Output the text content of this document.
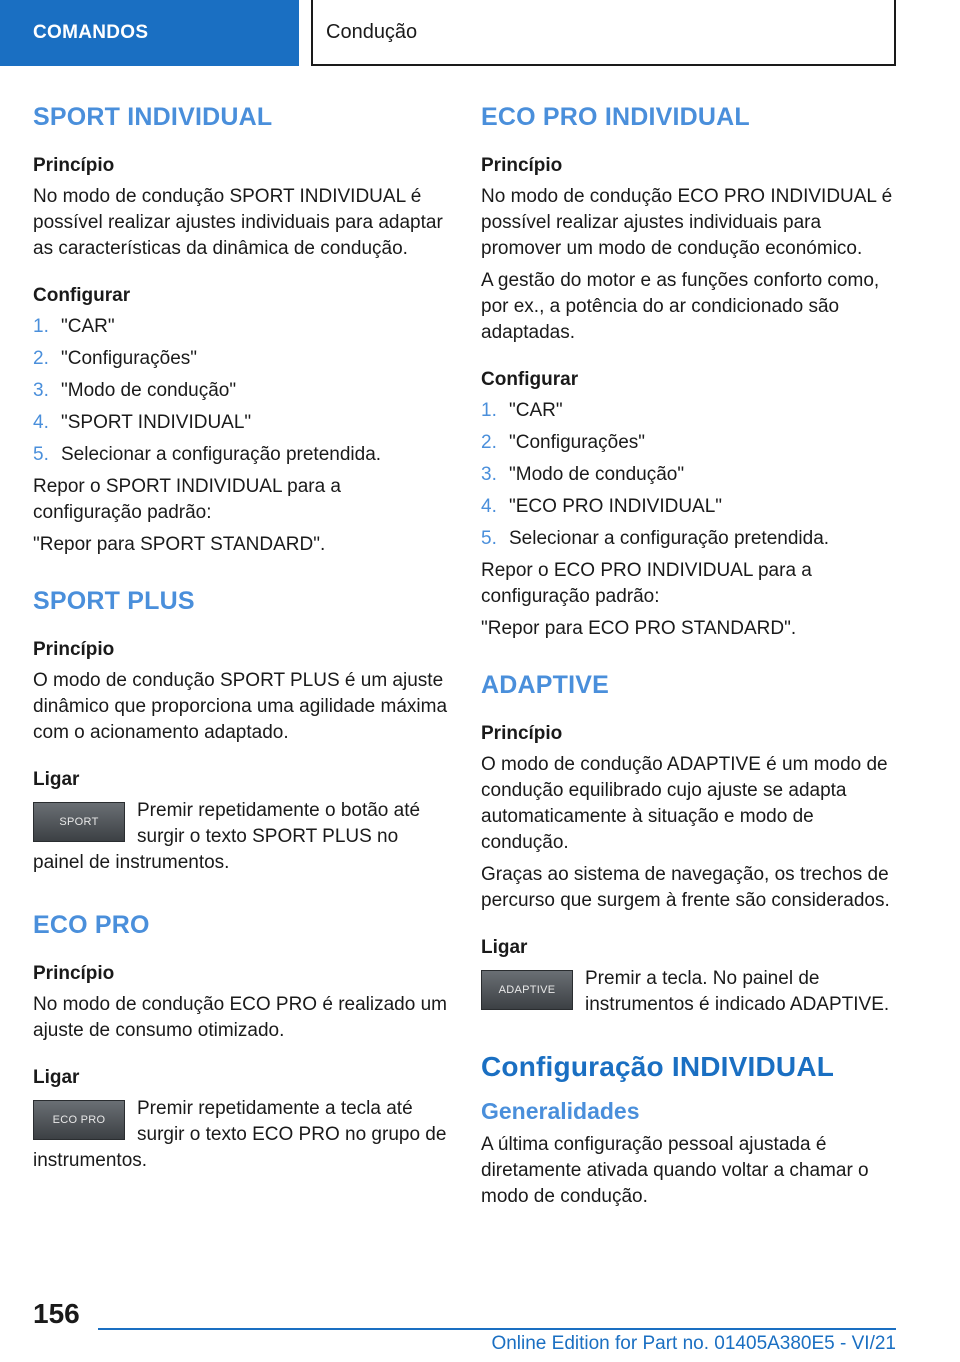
COMANDOS	Condução
SPORT INDIVIDUAL
Princípio

No modo de condução SPORT INDIVIDUAL é possível realizar ajustes individuais para adaptar as características da dinâmica de condução.

Configurar
1. "CAR"
2. "Configurações"
3. "Modo de condução"
4. "SPORT INDIVIDUAL"
5. Selecionar a configuração pretendida.

Repor o SPORT INDIVIDUAL para a configuração padrão:

"Repor para SPORT STANDARD".

SPORT PLUS
Princípio

O modo de condução SPORT PLUS é um ajuste dinâmico que proporciona uma agilidade máxima com o acionamento adaptado.

Ligar
SPORT

Premir repetidamente o botão até surgir o texto SPORT PLUS no painel de instrumentos.

ECO PRO
Princípio

No modo de condução ECO PRO é realizado um ajuste de consumo otimizado.

Ligar
ECO PRO

Premir repetidamente a tecla até surgir o texto ECO PRO no grupo de instrumentos.

ECO PRO INDIVIDUAL
Princípio

No modo de condução ECO PRO INDIVIDUAL é possível realizar ajustes individuais para promover um modo de condução económico.

A gestão do motor e as funções conforto como, por ex., a potência do ar condicionado são adaptadas.

Configurar
1. "CAR"
2. "Configurações"
3. "Modo de condução"
4. "ECO PRO INDIVIDUAL"
5. Selecionar a configuração pretendida.

Repor o ECO PRO INDIVIDUAL para a configuração padrão:

"Repor para ECO PRO STANDARD".

ADAPTIVE
Princípio

O modo de condução ADAPTIVE é um modo de condução equilibrado cujo ajuste se adapta automaticamente à situação e modo de condução.

Graças ao sistema de navegação, os trechos de percurso que surgem à frente são considerados.

Ligar
ADAPTIVE

Premir a tecla. No painel de instrumentos é indicado ADAPTIVE.

Configuração INDIVIDUAL
Generalidades

A última configuração pessoal ajustada é diretamente ativada quando voltar a chamar o modo de condução.

156
Online Edition for Part no. 01405A380E5 - VI/21
